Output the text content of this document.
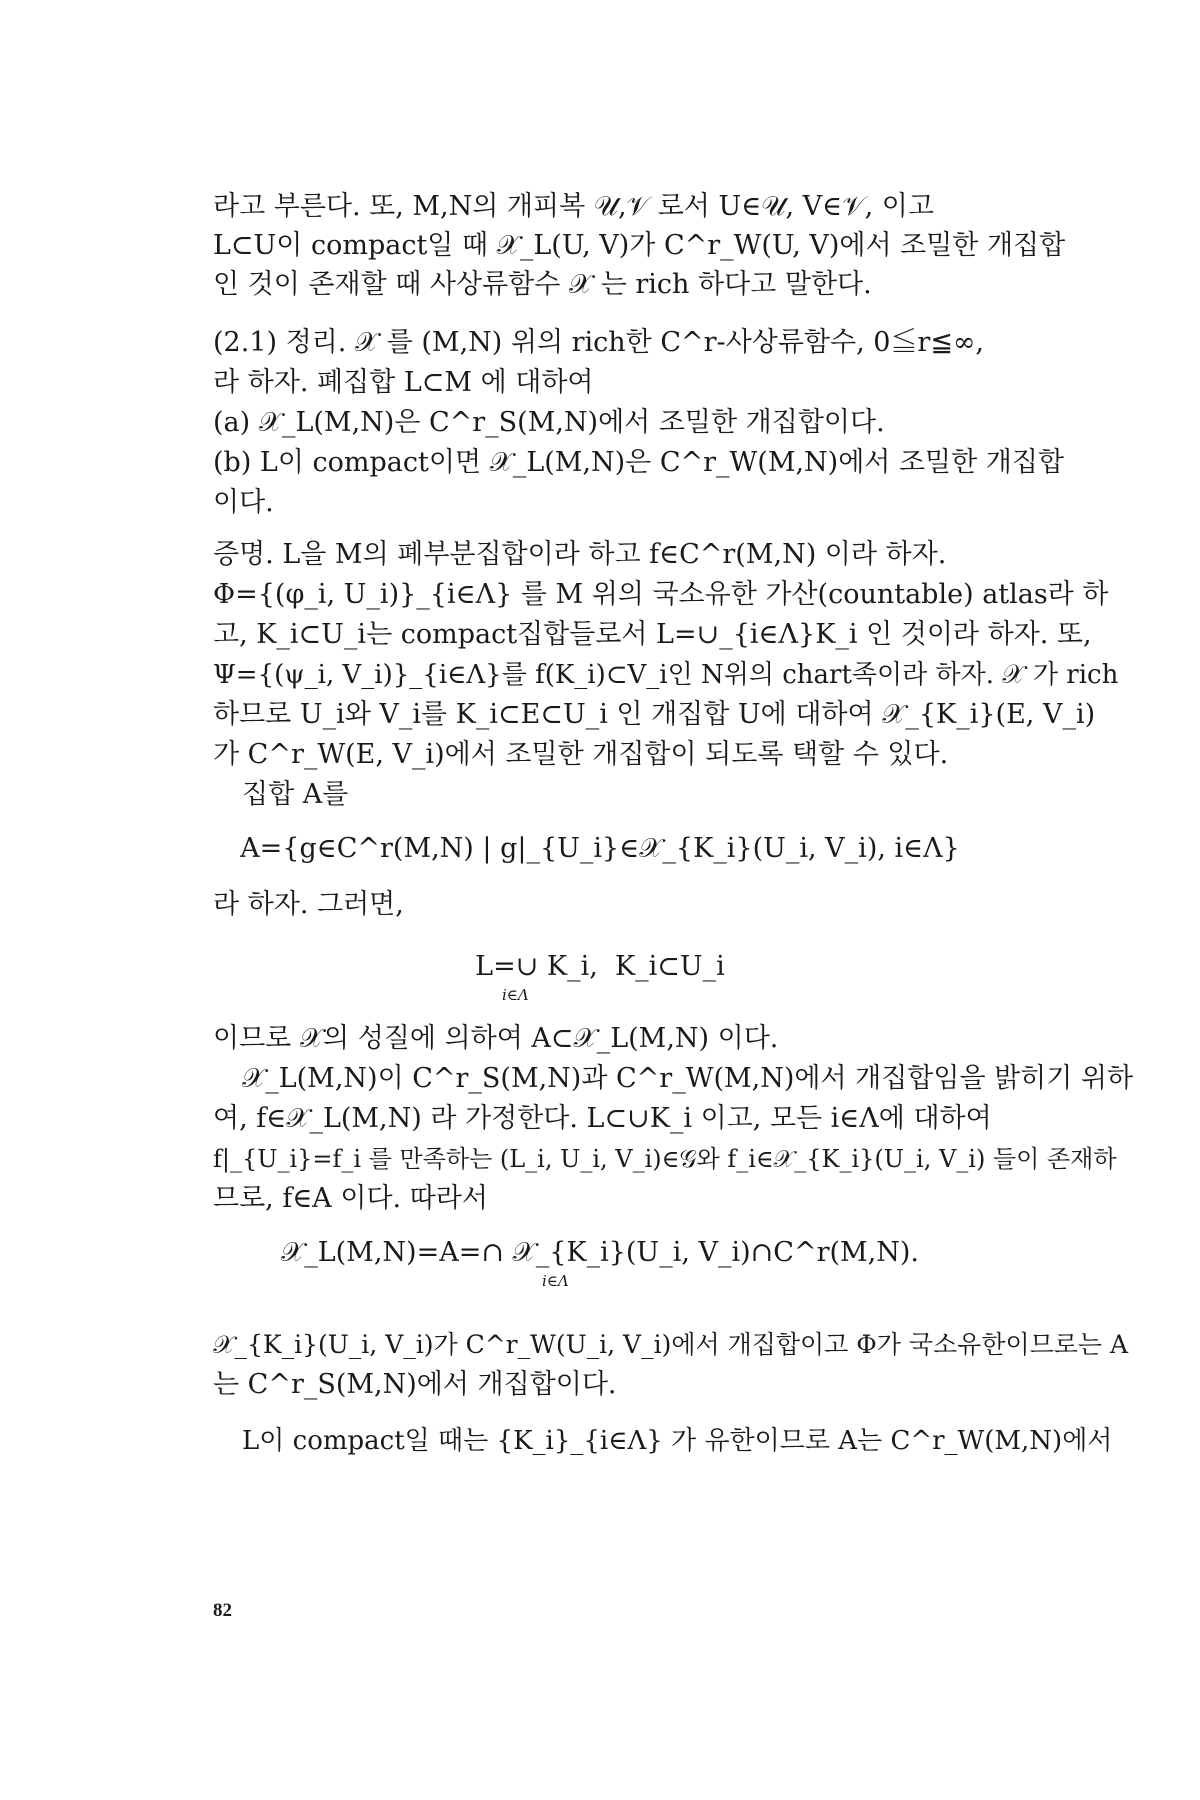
라고 부른다. 또, M,N의 개피복 𝒰,𝒱 로서 U∈𝒰, V∈𝒱, 이고
L⊂U이 compact일 때 𝒳_L(U, V)가 C^r_W(U, V)에서 조밀한 개집합
인 것이 존재할 때 사상류함수 𝒳 는 rich 하다고 말한다.
(2.1) 정리. 𝒳 를 (M,N) 위의 rich한 C^r-사상류함수, 0≦r≦∞,
라 하자. 폐집합 L⊂M 에 대하여
(a) 𝒳_L(M,N)은 C^r_S(M,N)에서 조밀한 개집합이다.
(b) L이 compact이면 𝒳_L(M,N)은 C^r_W(M,N)에서 조밀한 개집합
이다.
증명. L을 M의 폐부분집합이라 하고 f∈C^r(M,N) 이라 하자.
Φ={(φ_i, U_i)}_{i∈Λ} 를 M 위의 국소유한 가산(countable) atlas라 하
고, K_i⊂U_i는 compact집합들로서 L=∪_{i∈Λ}K_i 인 것이라 하자. 또,
Ψ={(ψ_i, V_i)}_{i∈Λ}를 f(K_i)⊂V_i인 N위의 chart족이라 하자. 𝒳 가 rich
하므로 U_i와 V_i를 K_i⊂E⊂U_i 인 개집합 U에 대하여 𝒳_{K_i}(E, V_i)
가 C^r_W(E, V_i)에서 조밀한 개집합이 되도록 택할 수 있다.
집합 A를
A={g∈C^r(M,N) | g|_{U_i}∈𝒳_{K_i}(U_i, V_i), i∈Λ}
라 하자. 그러면,
L=∪ K_i,  K_i⊂U_i
i∈Λ
이므로 𝒳의 성질에 의하여 A⊂𝒳_L(M,N) 이다.
𝒳_L(M,N)이 C^r_S(M,N)과 C^r_W(M,N)에서 개집합임을 밝히기 위하
여, f∈𝒳_L(M,N) 라 가정한다. L⊂∪K_i 이고, 모든 i∈Λ에 대하여
f|_{U_i}=f_i 를 만족하는 (L_i, U_i, V_i)∈𝒢와 f_i∈𝒳_{K_i}(U_i, V_i) 들이 존재하
므로, f∈A 이다. 따라서
𝒳_L(M,N)=A=∩ 𝒳_{K_i}(U_i, V_i)∩C^r(M,N).
i∈Λ
𝒳_{K_i}(U_i, V_i)가 C^r_W(U_i, V_i)에서 개집합이고 Φ가 국소유한이므로는 A
는 C^r_S(M,N)에서 개집합이다.
L이 compact일 때는 {K_i}_{i∈Λ} 가 유한이므로 A는 C^r_W(M,N)에서
82
